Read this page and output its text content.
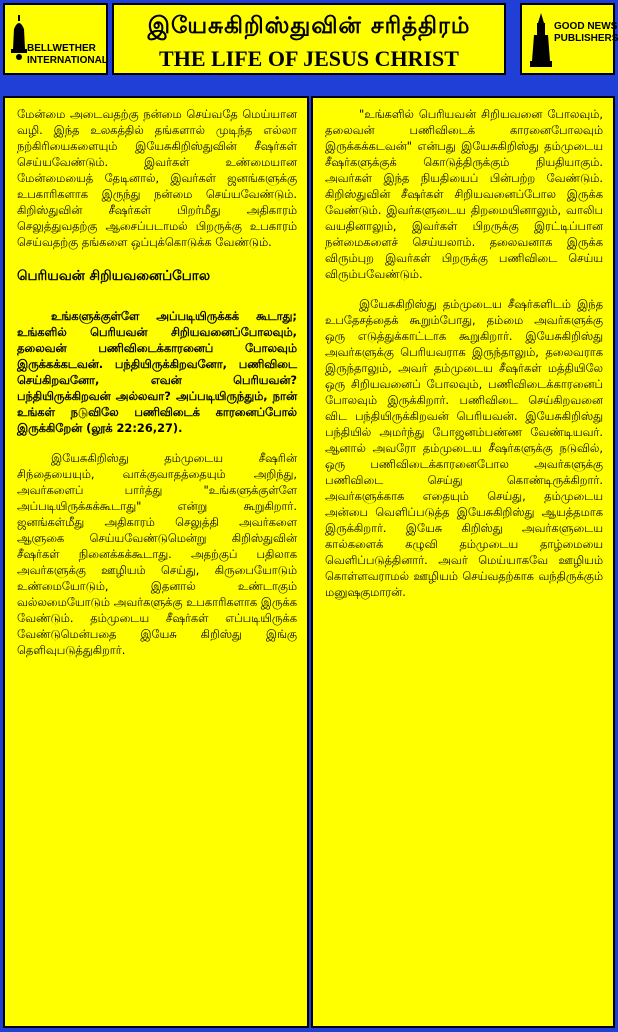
BELLWETHER
INTERNATIONAL
இயேசுகிறிஸ்துவின் சரித்திரம்
THE LIFE OF JESUS CHRIST
GOOD NEWS
PUBLISHERS

மேன்மை அடைவதற்கு நன்மை செய்வதே மெய்யான வழி. இந்த உலகத்தில் தங்களால் முடிந்த எல்லா நற்கிரியைகளையும் இயேசுகிறிஸ்துவின் சீஷர்கள் செய்யவேண்டும். இவர்கள் உண்மையான மேன்மையைத் தேடினால், இவர்கள் ஜனங்களுக்கு உபகாரிகளாக இருந்து நன்மை செய்யவேண்டும். கிறிஸ்துவின் சீஷர்கள் பிறர்மீது அதிகாரம் செலுத்துவதற்கு ஆசைப்படாமல் பிறருக்கு உபகாரம் செய்வதற்கு தங்களை ஒப்புக்கொடுக்க வேண்டும்.

பெரியவன் சிறியவனைப்போல

உங்களுக்குள்ளே அப்படியிருக்கக் கூடாது; உங்களில் பெரியவன் சிறியவனைப்போலவும், தலைவன் பணிவிடைக்காரனைப் போலவும் இருக்கக்கடவன். பந்தியிருக்கிறவனோ, பணிவிடை செய்கிறவனோ, எவன் பெரியவன்? பந்தியிருக்கிறவன் அல்லவா? அப்படியிருந்தும், நான் உங்கள் நடுவிலே பணிவிடைக் காரனைப்போல் இருக்கிறேன் (லூக் 22:26,27).

இயேசுகிறிஸ்து தம்முடைய சீஷரின் சிந்தையையும், வாக்குவாதத்தையும் அறிந்து, அவர்களைப் பார்த்து "உங்களுக்குள்ளே அப்படியிருக்கக்கூடாது" என்று கூறுகிறார். ஜனங்கள்மீது அதிகாரம் செலுத்தி அவர்களை ஆளுகை செய்யவேண்டுமென்று கிறிஸ்துவின் சீஷர்கள் நினைக்கக்கூடாது. அதற்குப் பதிலாக அவர்களுக்கு ஊழியம் செய்து, கிருபையோடும் உண்மையோடும், இதனால் உண்டாகும் வல்லமையோடும் அவர்களுக்கு உபகாரிகளாக இருக்க வேண்டும். தம்முடைய சீஷர்கள் எப்படியிருக்க வேண்டுமென்பதை இயேசு கிறிஸ்து இங்கு தெளிவுபடுத்துகிறார்.

"உங்களில் பெரியவன் சிறியவனை போலவும், தலைவன் பணிவிடைக் காரனைபோலவும் இருக்கக்கடவன்" என்பது இயேசுகிறிஸ்து தம்முடைய சீஷர்களுக்குக் கொடுத்திருக்கும் நியதியாகும். அவர்கள் இந்த நியதியைப் பின்பற்ற வேண்டும். கிறிஸ்துவின் சீஷர்கள் சிறியவனைப்போல இருக்க வேண்டும். இவர்களுடைய திறமையினாலும், வாலிப வயதினாலும், இவர்கள் பிறருக்கு இரட்டிப்பான நன்மைகளைச் செய்யலாம். தலைவனாக இருக்க விரும்புற இவர்கள் பிறருக்கு பணிவிடை செய்ய விரும்பவேண்டும்.

இயேசுகிறிஸ்து தம்முடைய சீஷர்களிடம் இந்த உபதேசத்தைக் கூறும்போது, தம்மை அவர்களுக்கு ஒரு எடுத்துக்காட்டாக கூறுகிறார். இயேசுகிறிஸ்து அவர்களுக்கு பெரியவராக இருந்தாலும், தலைவராக இருந்தாலும், அவர் தம்முடைய சீஷர்கள் மத்தியிலே ஒரு சிறியவனைப் போலவும், பணிவிடைக்காரனைப் போலவும் இருக்கிறார். பணிவிடை செய்கிறவனை விட பந்தியிருக்கிறவன் பெரியவன். இயேசுகிறிஸ்து பந்தியில் அமர்ந்து போஜனம்பண்ண வேண்டியவர். ஆனால் அவரோ தம்முடைய சீஷர்களுக்கு நடுவில், ஒரு பணிவிடைக்காரனைபோல அவர்களுக்கு பணிவிடை செய்து கொண்டிருக்கிறார். அவர்களுக்காக எதையும் செய்து, தம்முடைய அன்பை வெளிப்படுத்த இயேசுகிறிஸ்து ஆயத்தமாக இருக்கிறார். இயேசு கிறிஸ்து அவர்களுடைய கால்களைக் கழுவி தம்முடைய தாழ்மையை வெளிப்படுத்தினார். அவர் மெய்யாகவே ஊழியம் கொள்ளவராமல் ஊழியம் செய்வதற்காக வந்திருக்கும் மனுஷகுமாரன்.
